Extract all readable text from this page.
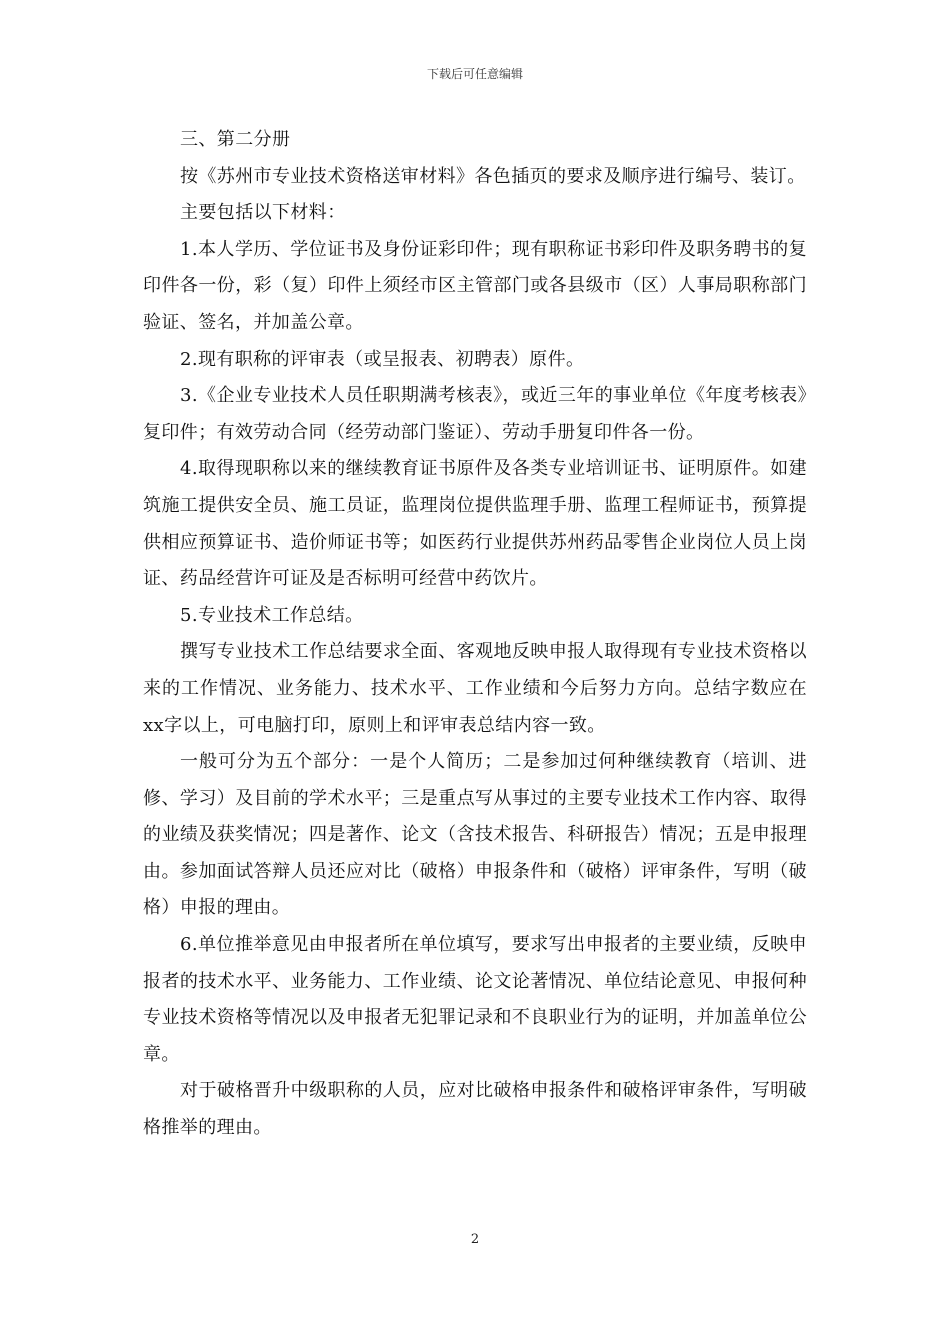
下载后可任意编辑

三、第二分册

按《苏州市专业技术资格送审材料》各色插页的要求及顺序进行编号、装订。

主要包括以下材料：

1.本人学历、学位证书及身份证彩印件；现有职称证书彩印件及职务聘书的复印件各一份，彩（复）印件上须经市区主管部门或各县级市（区）人事局职称部门验证、签名，并加盖公章。

2.现有职称的评审表（或呈报表、初聘表）原件。

3.《企业专业技术人员任职期满考核表》，或近三年的事业单位《年度考核表》复印件；有效劳动合同（经劳动部门鉴证）、劳动手册复印件各一份。

4.取得现职称以来的继续教育证书原件及各类专业培训证书、证明原件。如建筑施工提供安全员、施工员证，监理岗位提供监理手册、监理工程师证书，预算提供相应预算证书、造价师证书等；如医药行业提供苏州药品零售企业岗位人员上岗证、药品经营许可证及是否标明可经营中药饮片。

5.专业技术工作总结。

撰写专业技术工作总结要求全面、客观地反映申报人取得现有专业技术资格以来的工作情况、业务能力、技术水平、工作业绩和今后努力方向。总结字数应在xx字以上，可电脑打印，原则上和评审表总结内容一致。

一般可分为五个部分：一是个人简历；二是参加过何种继续教育（培训、进修、学习）及目前的学术水平；三是重点写从事过的主要专业技术工作内容、取得的业绩及获奖情况；四是著作、论文（含技术报告、科研报告）情况；五是申报理由。参加面试答辩人员还应对比（破格）申报条件和（破格）评审条件，写明（破格）申报的理由。

6.单位推举意见由申报者所在单位填写，要求写出申报者的主要业绩，反映申报者的技术水平、业务能力、工作业绩、论文论著情况、单位结论意见、申报何种专业技术资格等情况以及申报者无犯罪记录和不良职业行为的证明，并加盖单位公章。

对于破格晋升中级职称的人员，应对比破格申报条件和破格评审条件，写明破格推举的理由。

2
